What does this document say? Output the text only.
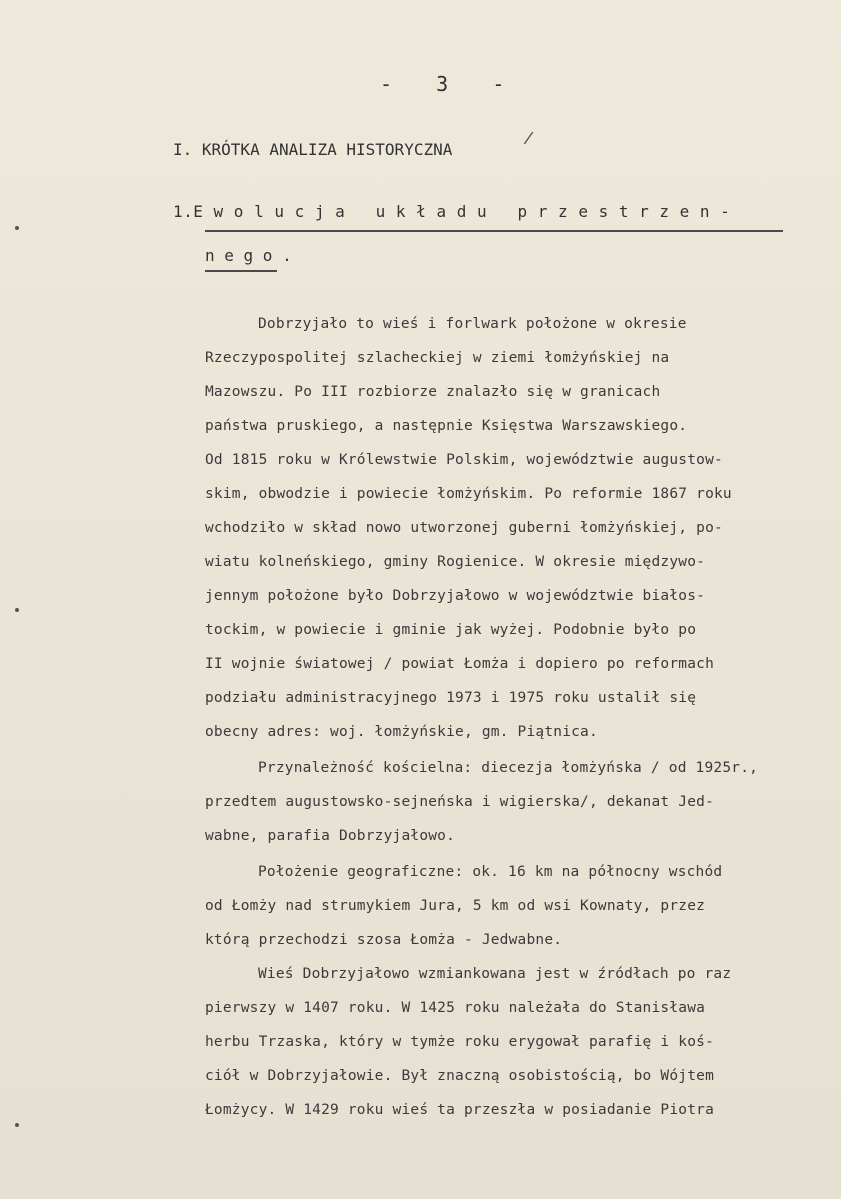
-   3   -
/
I. KRÓTKA ANALIZA HISTORYCZNA
1.E w o l u c j a   u k ł a d u   p r z e s t r z e n -
n e g o .
Dobrzyjało to wieś i forlwark położone w okresie
Rzeczypospolitej szlacheckiej w ziemi łomżyńskiej na
Mazowszu. Po III rozbiorze znalazło się w granicach
państwa pruskiego, a następnie Księstwa Warszawskiego.
Od 1815 roku w Królewstwie Polskim, województwie augustow-
skim, obwodzie i powiecie łomżyńskim. Po reformie 1867 roku
wchodziło w skład nowo utworzonej guberni łomżyńskiej, po-
wiatu kolneńskiego, gminy Rogienice. W okresie międzywo-
jennym położone było Dobrzyjałowo w województwie białos-
tockim, w powiecie i gminie jak wyżej. Podobnie było po
II wojnie światowej / powiat Łomża i dopiero po reformach
podziału administracyjnego 1973 i 1975 roku ustalił się
obecny adres: woj. łomżyńskie, gm. Piątnica.
Przynależność kościelna: diecezja łomżyńska / od 1925r.,
przedtem augustowsko-sejneńska i wigierska/, dekanat Jed-
wabne, parafia Dobrzyjałowo.
Położenie geograficzne: ok. 16 km na północny wschód
od Łomży nad strumykiem Jura, 5 km od wsi Kownaty, przez
którą przechodzi szosa Łomża - Jedwabne.
Wieś Dobrzyjałowo wzmiankowana jest w źródłach po raz
pierwszy w 1407 roku. W 1425 roku należała do Stanisława
herbu Trzaska, który w tymże roku erygował parafię i koś-
ciół w Dobrzyjałowie. Był znaczną osobistością, bo Wójtem
Łomżycy. W 1429 roku wieś ta przeszła w posiadanie Piotra
